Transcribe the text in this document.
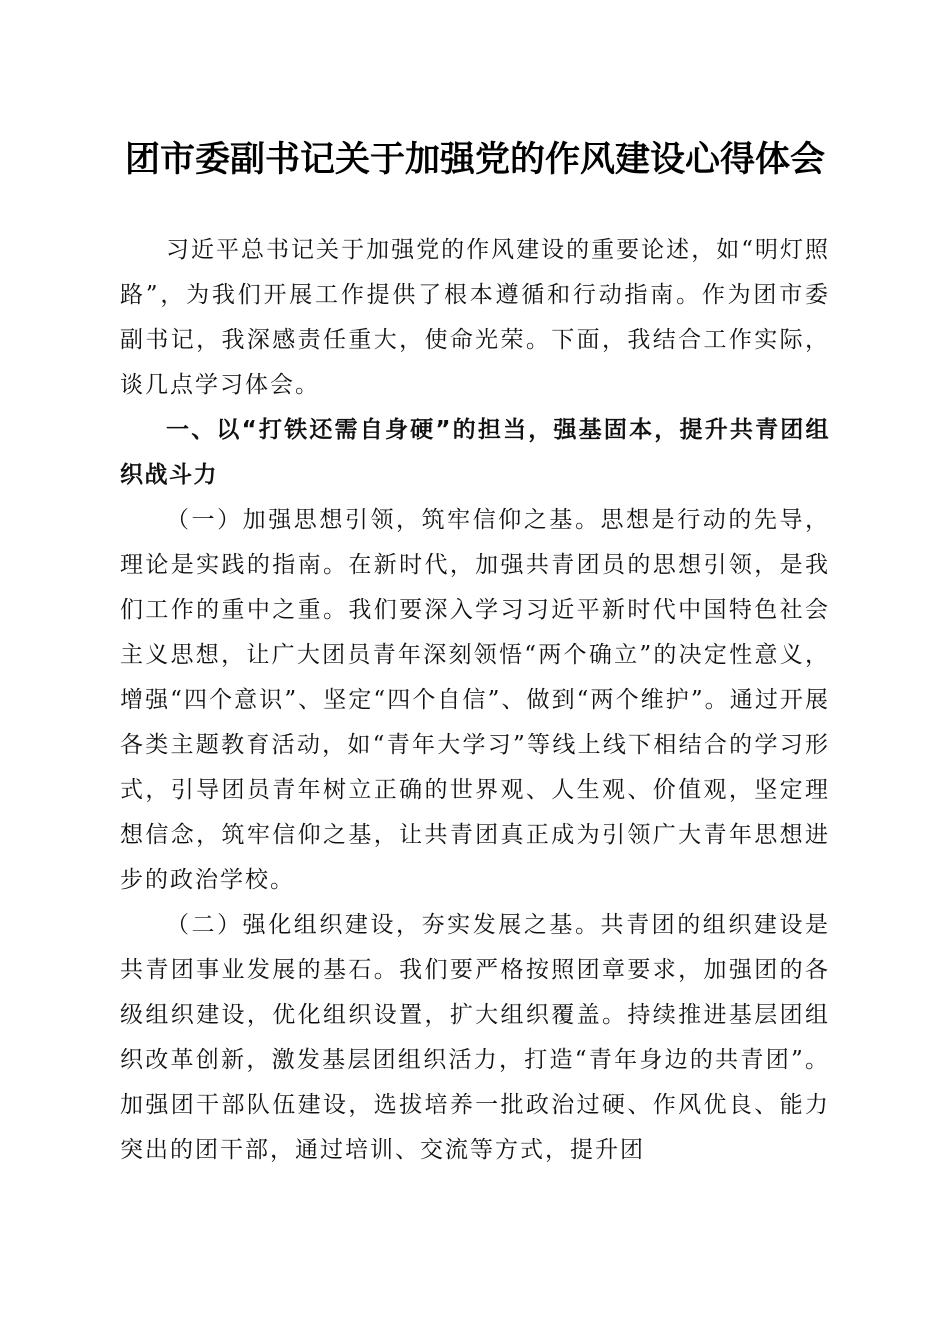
团市委副书记关于加强党的作风建设心得体会

习近平总书记关于加强党的作风建设的重要论述，如“明灯照路”，为我们开展工作提供了根本遵循和行动指南。作为团市委副书记，我深感责任重大，使命光荣。下面，我结合工作实际，谈几点学习体会。

一、以“打铁还需自身硬”的担当，强基固本，提升共青团组织战斗力

（一）加强思想引领，筑牢信仰之基。思想是行动的先导，理论是实践的指南。在新时代，加强共青团员的思想引领，是我们工作的重中之重。我们要深入学习习近平新时代中国特色社会主义思想，让广大团员青年深刻领悟“两个确立”的决定性意义，增强“四个意识”、坚定“四个自信”、做到“两个维护”。通过开展各类主题教育活动，如“青年大学习”等线上线下相结合的学习形式，引导团员青年树立正确的世界观、人生观、价值观，坚定理想信念，筑牢信仰之基，让共青团真正成为引领广大青年思想进步的政治学校。

（二）强化组织建设，夯实发展之基。共青团的组织建设是共青团事业发展的基石。我们要严格按照团章要求，加强团的各级组织建设，优化组织设置，扩大组织覆盖。持续推进基层团组织改革创新，激发基层团组织活力，打造“青年身边的共青团”。加强团干部队伍建设，选拔培养一批政治过硬、作风优良、能力突出的团干部，通过培训、交流等方式，提升团
